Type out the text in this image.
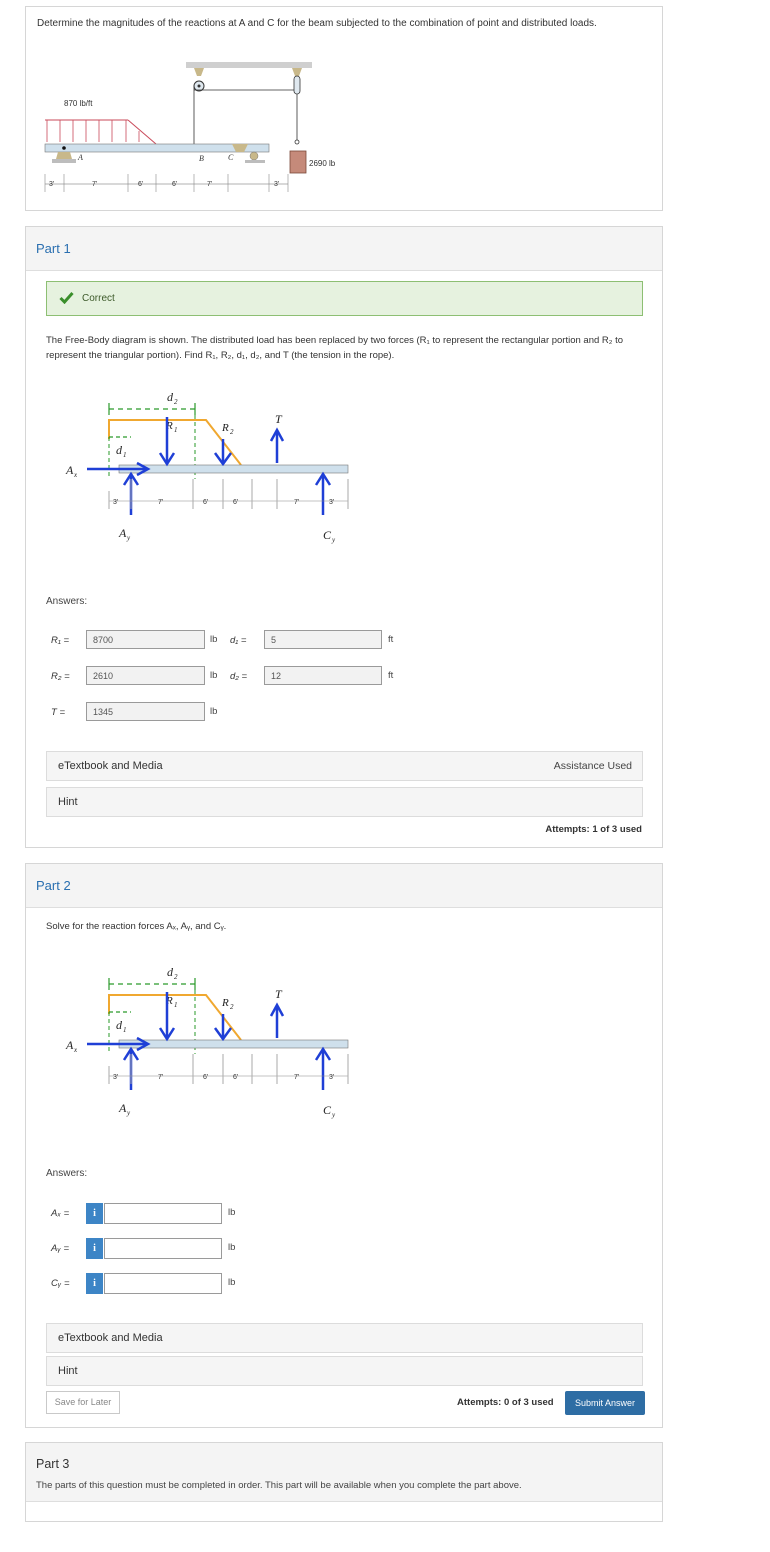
Determine the magnitudes of the reactions at A and C for the beam subjected to the combination of point and distributed loads.
2690 lb
870 lb/ft
A	B	C
3'	7'	6'	6'	7'	3'
Part 1
Correct
The Free-Body diagram is shown. The distributed load has been replaced by two forces (R₁ to represent the rectangular portion and R₂ to represent the triangular portion). Find R₁, R₂, d₁, d₂, and T (the tension in the rope).
d 2
R 1	R 2
T
d 1
A x
A y	C y
3'	7'	6'	6'	7'	3'
Answers:
R₁ =	8700	lb d₁ =	5	ft
R₂ =	2610	lb d₂ =	12	ft
T =	1345	lb
eTextbook and Media	Assistance Used
Hint
Attempts: 1 of 3 used
Part 2
Solve for the reaction forces Aₓ, Aᵧ, and Cᵧ.
d 2
R 1	R 2
T
d 1
A x
A y	C y
3'	7'	6'	6'	7'	3'
Answers:
Aₓ =	i	lb
Aᵧ =	i	lb
Cᵧ =	i	lb
eTextbook and Media
Hint
Save for Later	Attempts: 0 of 3 used	Submit Answer
Part 3
The parts of this question must be completed in order. This part will be available when you complete the part above.
